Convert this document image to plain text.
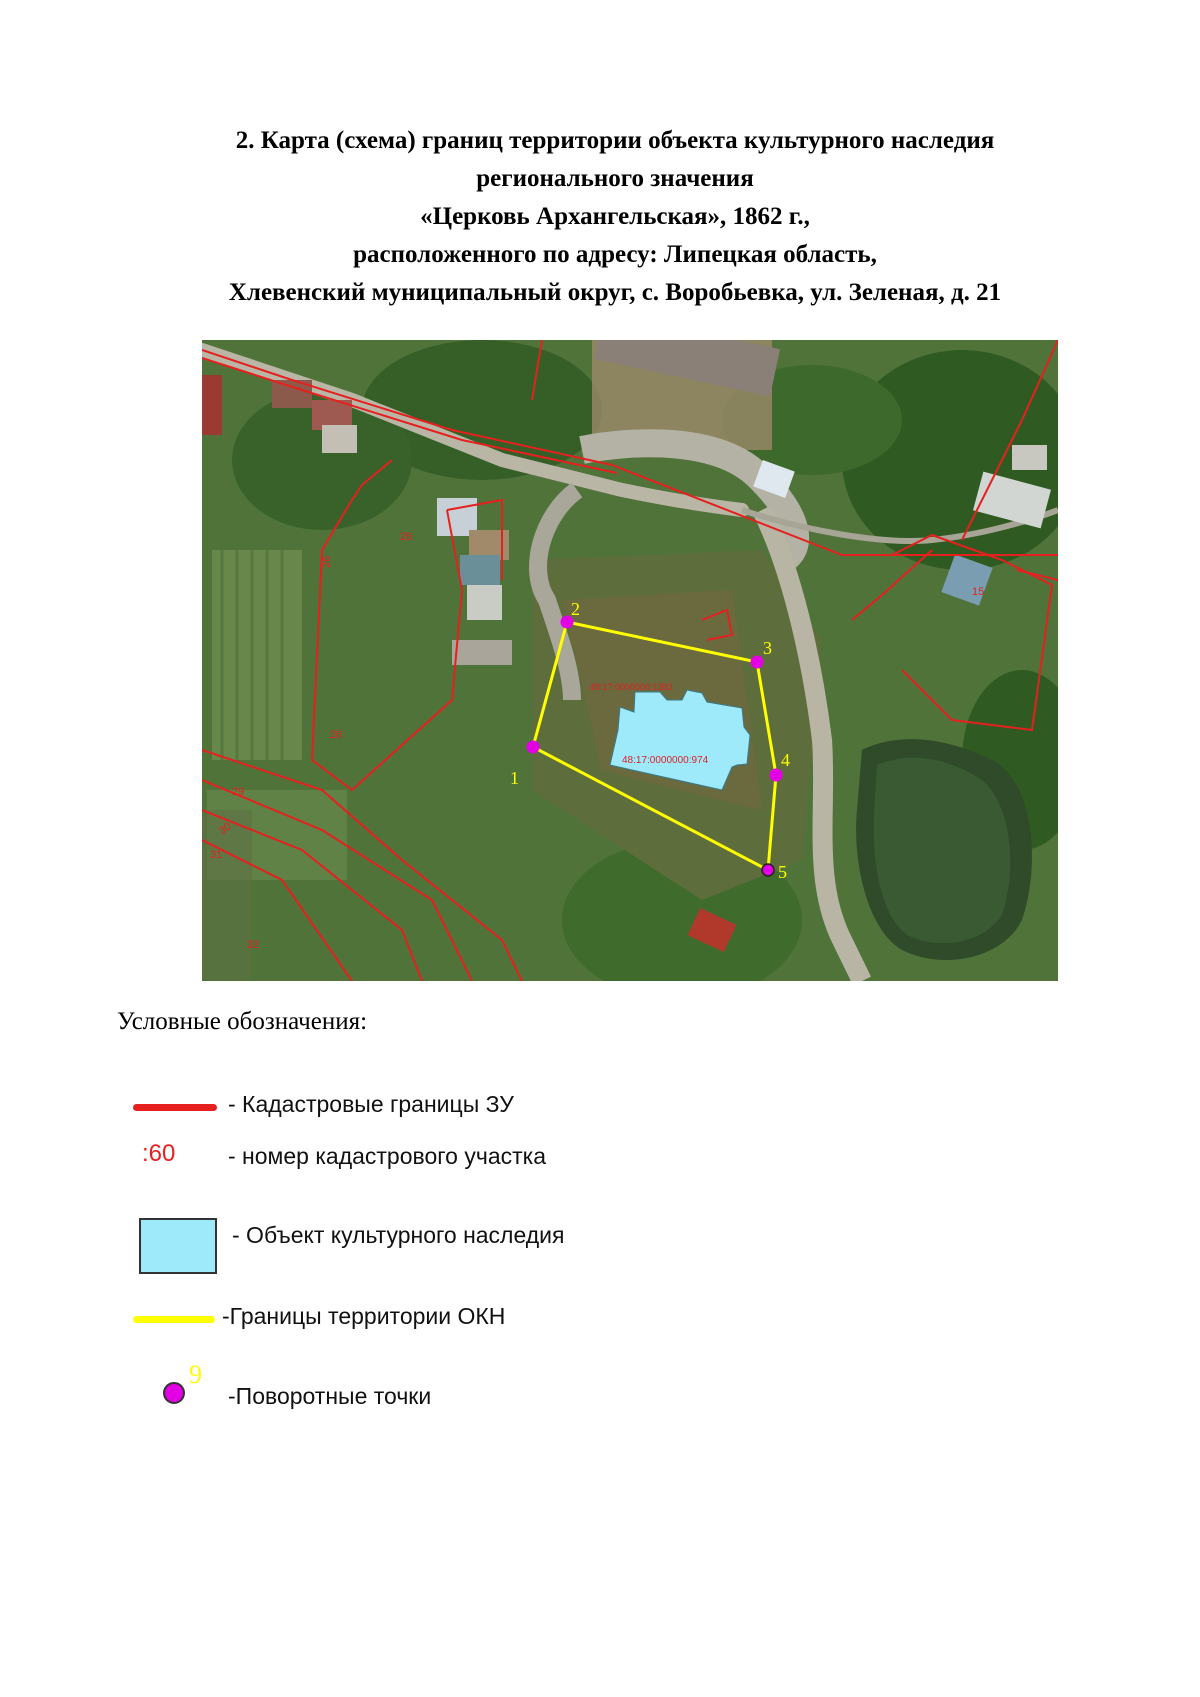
2. Карта (схема) границ территории объекта культурного наследия
регионального значения
«Церковь Архангельская», 1862 г.,
расположенного по адресу: Липецкая область,
Хлевенский муниципальный округ, с. Воробьевка, ул. Зеленая, д. 21
26
26
26
29
30
31
32
15
48:17:0000000:974
48:17:0000000:1383
1
2
3
4
5
Условные обозначения:
- Кадастровые границы ЗУ
:60 - номер кадастрового участка
- Объект культурного наследия
-Границы территории ОКН
9
-Поворотные точки
